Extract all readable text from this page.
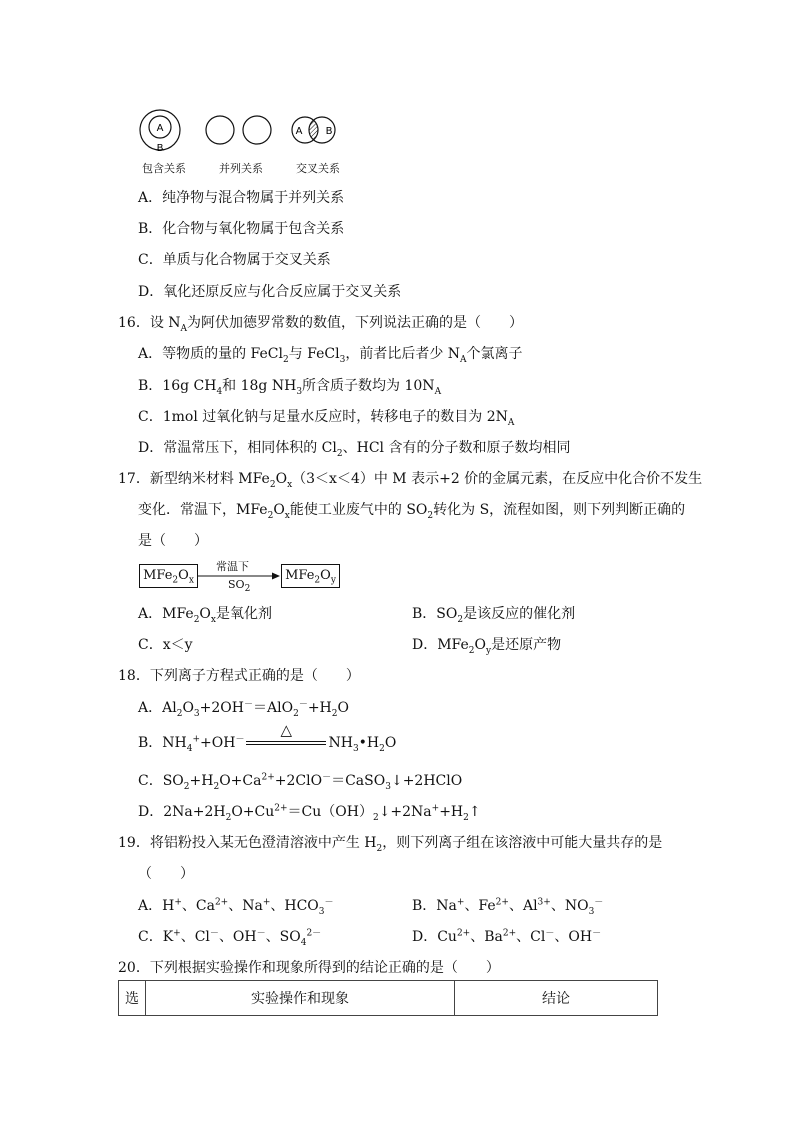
A
B
A B
包含关系	并列关系	交叉关系
A．纯净物与混合物属于并列关系
B．化合物与氧化物属于包含关系
C．单质与化合物属于交叉关系
D．氧化还原反应与化合反应属于交叉关系
16．设 $N_A$为阿伏加德罗常数的数值，下列说法正确的是（　　）
A．等物质的量的 FeCl$_2$与 FeCl$_3$，前者比后者少 $N_A$个氯离子
B．16g $CH_4$和 18g $NH_3$所含质子数均为 $10N_A$
C．1mol 过氧化钠与足量水反应时，转移电子的数目为 $2N_A$
D．常温常压下，相同体积的 $Cl_2$、HCl 含有的分子数和原子数均相同
17．新型纳米材料 $MFe_2O_x(3<x<4)$中 M 表示+2 价的金属元素，在反应中化合价不发生
变化．常温下，$MFe_2O_x$能使工业废气中的 $SO_2$转化为 S，流程如图，则下列判断正确的
是（　　）
$MFe_2O_x$
常温下
$SO_2$
$MFe_2O_y$
A．$MFe_2O_x$是氧化剂	B．$SO_2$是该反应的催化剂
C．x＜y	D．$MFe_2O_y$是还原产物
18．下列离子方程式正确的是（　　）
A．$Al_2O_3+2OH^-=AlO_2^-+H_2O$
B．$NH_4^++OH^-$
△
$NH_3•H_2O$
C．$SO_2+H_2O+Ca^{2+}+2ClO^-=CaSO_3↓+2HClO$
D．$2Na+2H_2O+Cu^{2+}=Cu(OH)_2↓+2Na^++H_2↑$
19．将铝粉投入某无色澄清溶液中产生 $H_2$，则下列离子组在该溶液中可能大量共存的是
（　　）
A．H+、$Ca^{2+}$、Na+、$HCO_3^-$	B．Na+、$Fe^{2+}$、$Al^{3+}$、$NO_3^-$
C．K+、Cl－、OH－、$SO_4^{2-}$	D．$Cu^{2+}$、$Ba^{2+}$、Cl－、OH－
20．下列根据实验操作和现象所得到的结论正确的是（　　）
选	实验操作和现象	结论
